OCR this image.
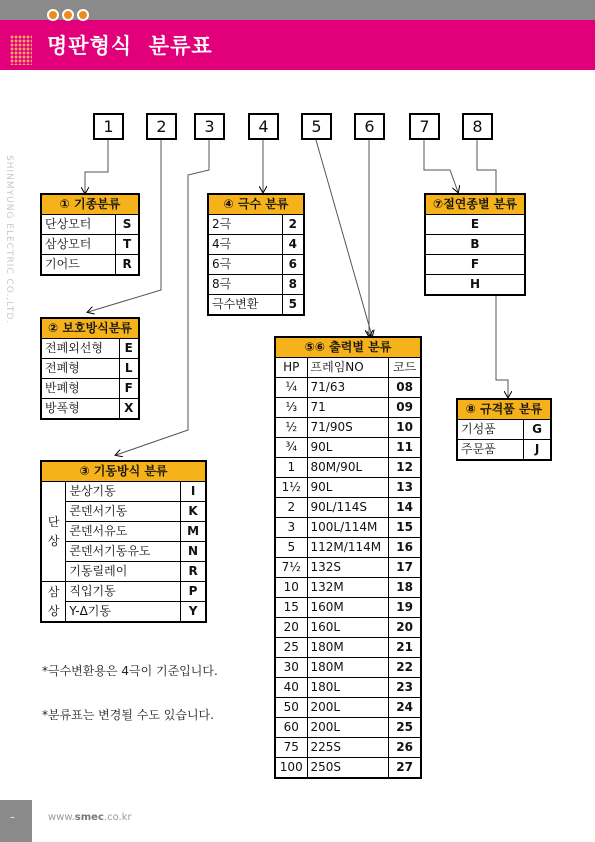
명판형식 분류표
SHINMYUNG ELECTRIC CO.,LTD.
1	2	3	4	5	6	7	8
① 기종분류	
단상모터	S
삼상모터	T
기어드	R
② 보호방식분류	
전폐외선형	E
전폐형	L
반폐형	F
방폭형	X
③ 기동방식 분류		
단
상	분상기동	I
	콘덴서기동	K
	콘덴서유도	M
	콘덴서기동유도	N
	기동릴레이	R
삼
상	직입기동	P
	Y-Δ기동	Y
④ 극수 분류	
2극	2
4극	4
6극	6
8극	8
극수변환	5
⑤⑥ 출력별 분류		
HP	프레임NO	코드
¼	71/63	08
⅓	71	09
½	71/90S	10
¾	90L	11
1	80M/90L	12
1½	90L	13
2	90L/114S	14
3	100L/114M	15
5	112M/114M	16
7½	132S	17
10	132M	18
15	160M	19
20	160L	20
25	180M	21
30	180M	22
40	180L	23
50	200L	24
60	200L	25
75	225S	26
100	250S	27
⑦절연종별 분류
E
B
F
H
⑧ 규격품 분류	
기성품	G
주문품	J
*극수변환용은 4극이 기준입니다.
*분류표는 변경될 수도 있습니다.
–	www.smec.co.kr
